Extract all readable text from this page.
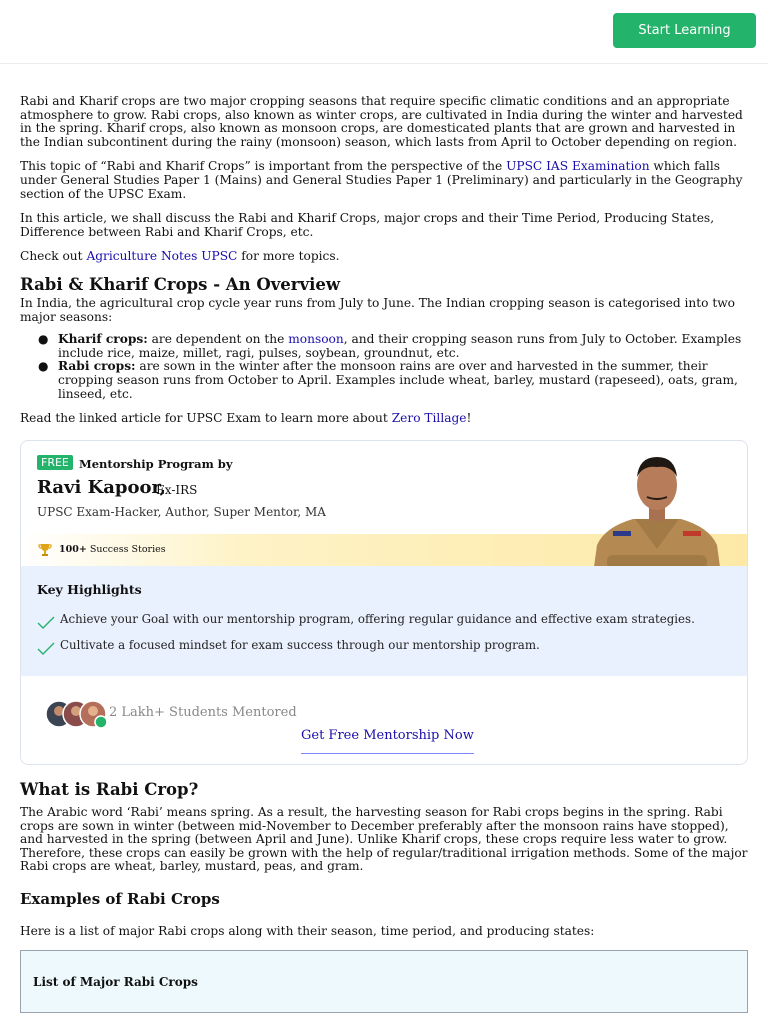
Start Learning

Rabi and Kharif crops are two major cropping seasons that require specific climatic conditions and an appropriate atmosphere to grow. Rabi crops, also known as winter crops, are cultivated in India during the winter and harvested in the spring. Kharif crops, also known as monsoon crops, are domesticated plants that are grown and harvested in the Indian subcontinent during the rainy (monsoon) season, which lasts from April to October depending on region.

This topic of “Rabi and Kharif Crops” is important from the perspective of the UPSC IAS Examination which falls under General Studies Paper 1 (Mains) and General Studies Paper 1 (Preliminary) and particularly in the Geography section of the UPSC Exam.

In this article, we shall discuss the Rabi and Kharif Crops, major crops and their Time Period, Producing States, Difference between Rabi and Kharif Crops, etc.

Check out Agriculture Notes UPSC for more topics.

Rabi & Kharif Crops - An Overview

In India, the agricultural crop cycle year runs from July to June. The Indian cropping season is categorised into two major seasons:

● Kharif crops: are dependent on the monsoon, and their cropping season runs from July to October. Examples include rice, maize, millet, ragi, pulses, soybean, groundnut, etc.
● Rabi crops: are sown in the winter after the monsoon rains are over and harvested in the summer, their cropping season runs from October to April. Examples include wheat, barley, mustard (rapeseed), oats, gram, linseed, etc.

Read the linked article for UPSC Exam to learn more about Zero Tillage!

FREE Mentorship Program by
Ravi Kapoor,
Ex-IRS
UPSC Exam-Hacker, Author, Super Mentor, MA
100+ Success Stories
Key Highlights
Achieve your Goal with our mentorship program, offering regular guidance and effective exam strategies.
Cultivate a focused mindset for exam success through our mentorship program.
2 Lakh+ Students Mentored
Get Free Mentorship Now
What is Rabi Crop?

The Arabic word ‘Rabi’ means spring. As a result, the harvesting season for Rabi crops begins in the spring. Rabi crops are sown in winter (between mid-November to December preferably after the monsoon rains have stopped), and harvested in the spring (between April and June). Unlike Kharif crops, these crops require less water to grow. Therefore, these crops can easily be grown with the help of regular/traditional irrigation methods. Some of the major Rabi crops are wheat, barley, mustard, peas, and gram.

Examples of Rabi Crops

Here is a list of major Rabi crops along with their season, time period, and producing states:

List of Major Rabi Crops
